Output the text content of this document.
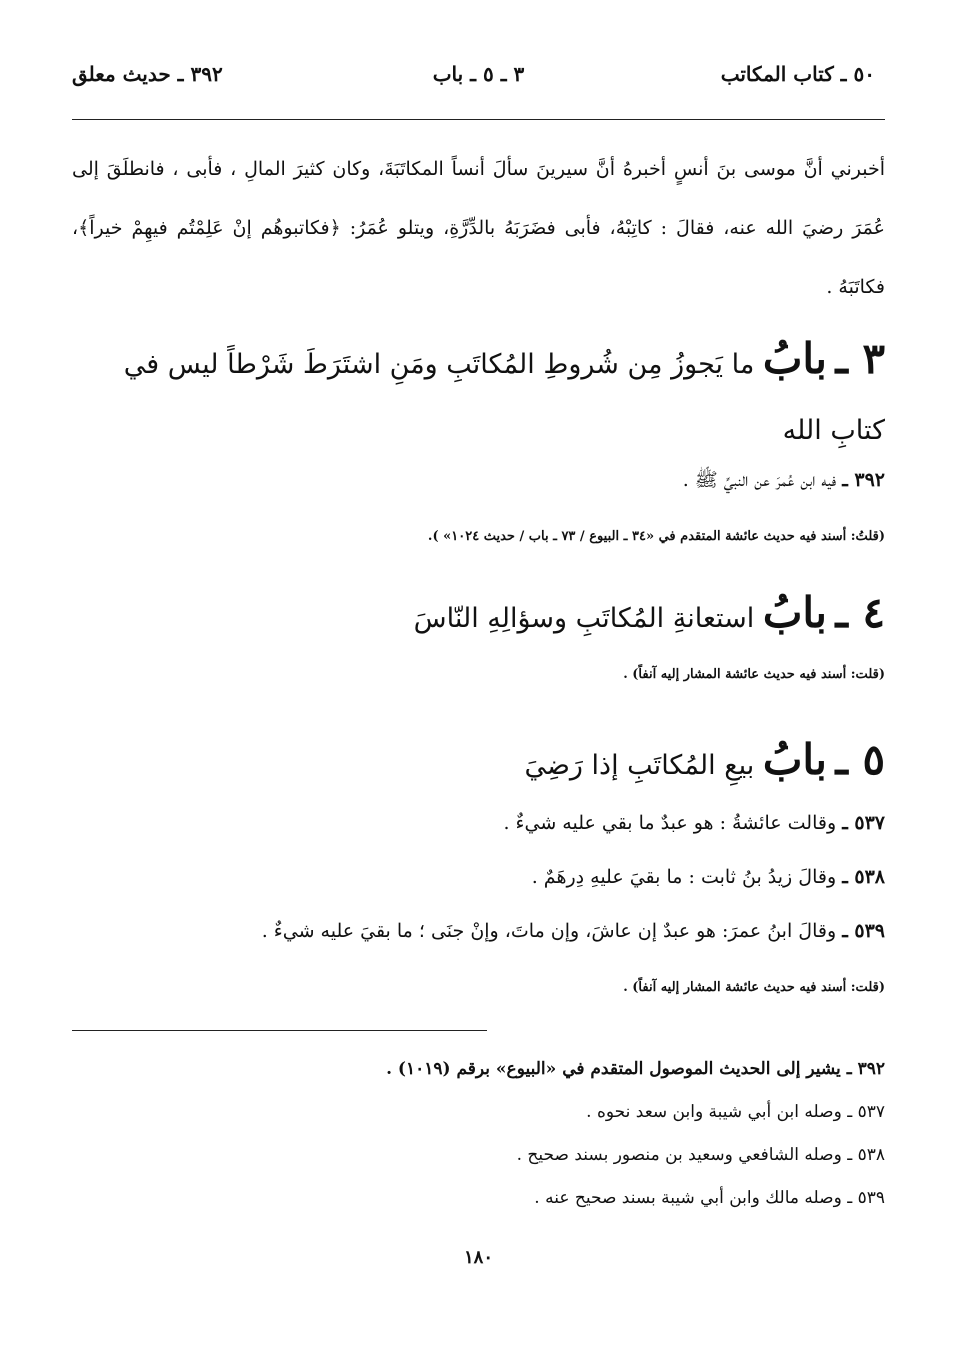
٥٠ ـ كتاب المكاتب
٣ ـ ٥ ـ باب
٣٩٢ ـ حديث معلق
أخبرني أنَّ موسى بنَ أنسٍ أخبرهُ أنَّ سيرينَ سألَ أنساً المكاتَبَةَ، وكان كثيرَ المالِ ، فأبى ، فانطلَقَ إلى عُمَرَ رضيَ الله عنه، فقالَ : كاتِبْهُ، فأبى فضَرَبَهُ بالدِّرَّةِ، ويتلو عُمَرُ: ﴿فكاتبوهُم إنْ عَلِمْتُم فيهِمْ خيراً﴾، فكاتَبَهُ .
٣ ـ بابُ ما يَجوزُ مِن شُروطِ المُكاتَبِ ومَنِ اشتَرَطَ شَرْطاً ليس في كتابِ الله
٣٩٢ ـ فيه ابن عُمرَ عن النبيِّ ﷺ .
(قلتُ: أسند فيه حديث عائشة المتقدم في «٣٤ ـ البيوع / ٧٣ ـ باب / حديث ١٠٢٤» ).
٤ ـ بابُ استعانةِ المُكاتَبِ وسؤالِهِ النّاسَ
(قلت: أسند فيه حديث عائشة المشار إليه آنفاً) .
٥ ـ بابُ بيعِ المُكاتَبِ إذا رَضِيَ
٥٣٧ ـ وقالت عائشةُ : هو عبدٌ ما بقي عليه شيءٌ .
٥٣٨ ـ وقالَ زيدُ بنُ ثابت : ما بقيَ عليهِ دِرهَمٌ .
٥٣٩ ـ وقالَ ابنُ عمرَ: هو عبدٌ إن عاشَ، وإن ماتَ، وإنْ جنَى ؛ ما بقيَ عليه شيءٌ .
(قلت: أسند فيه حديث عائشة المشار إليه آنفاً) .
٣٩٢ ـ يشير إلى الحديث الموصول المتقدم في «البيوع» برقم (١٠١٩) .
٥٣٧ ـ وصله ابن أبي شيبة وابن سعد نحوه .
٥٣٨ ـ وصله الشافعي وسعيد بن منصور بسند صحيح .
٥٣٩ ـ وصله مالك وابن أبي شيبة بسند صحيح عنه .
١٨٠
